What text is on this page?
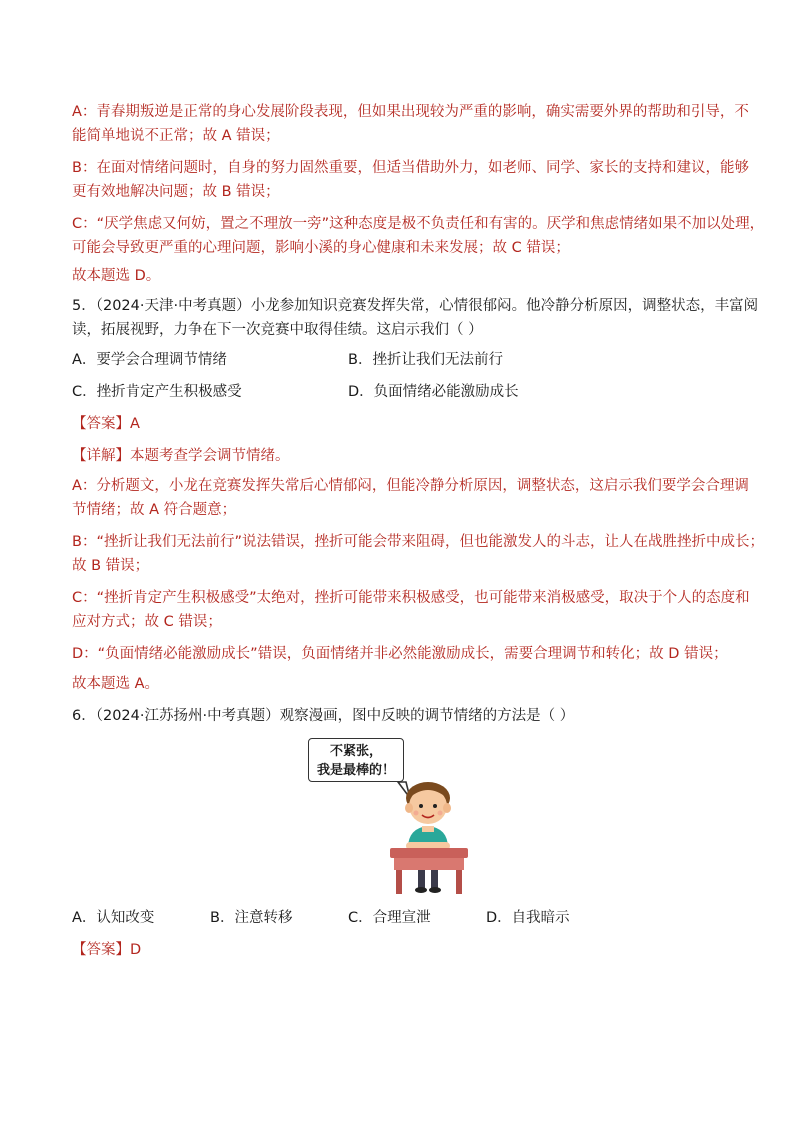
A：青春期叛逆是正常的身心发展阶段表现，但如果出现较为严重的影响，确实需要外界的帮助和引导，不
能简单地说不正常；故 A 错误；

B：在面对情绪问题时，自身的努力固然重要，但适当借助外力，如老师、同学、家长的支持和建议，能够
更有效地解决问题；故 B 错误；

C：“厌学焦虑又何妨，置之不理放一旁”这种态度是极不负责任和有害的。厌学和焦虑情绪如果不加以处理，
可能会导致更严重的心理问题，影响小溪的身心健康和未来发展；故 C 错误；

故本题选 D。

5．（2024·天津·中考真题）小龙参加知识竞赛发挥失常，心情很郁闷。他冷静分析原因，调整状态，丰富阅
读，拓展视野，力争在下一次竞赛中取得佳绩。这启示我们（ ）

A．要学会合理调节情绪	B．挫折让我们无法前行
C．挫折肯定产生积极感受	D．负面情绪必能激励成长
【答案】A
【详解】本题考查学会调节情绪。

A：分析题文，小龙在竞赛发挥失常后心情郁闷，但能冷静分析原因，调整状态，这启示我们要学会合理调
节情绪；故 A 符合题意；

B：“挫折让我们无法前行”说法错误，挫折可能会带来阻碍，但也能激发人的斗志，让人在战胜挫折中成长；
故 B 错误；

C：“挫折肯定产生积极感受”太绝对，挫折可能带来积极感受，也可能带来消极感受，取决于个人的态度和
应对方式；故 C 错误；

D：“负面情绪必能激励成长”错误，负面情绪并非必然能激励成长，需要合理调节和转化；故 D 错误；

故本题选 A。

6．（2024·江苏扬州·中考真题）观察漫画，图中反映的调节情绪的方法是（ ）

不紧张，
我是最棒的！
A．认知改变	B．注意转移	C．合理宣泄	D．自我暗示
【答案】D
